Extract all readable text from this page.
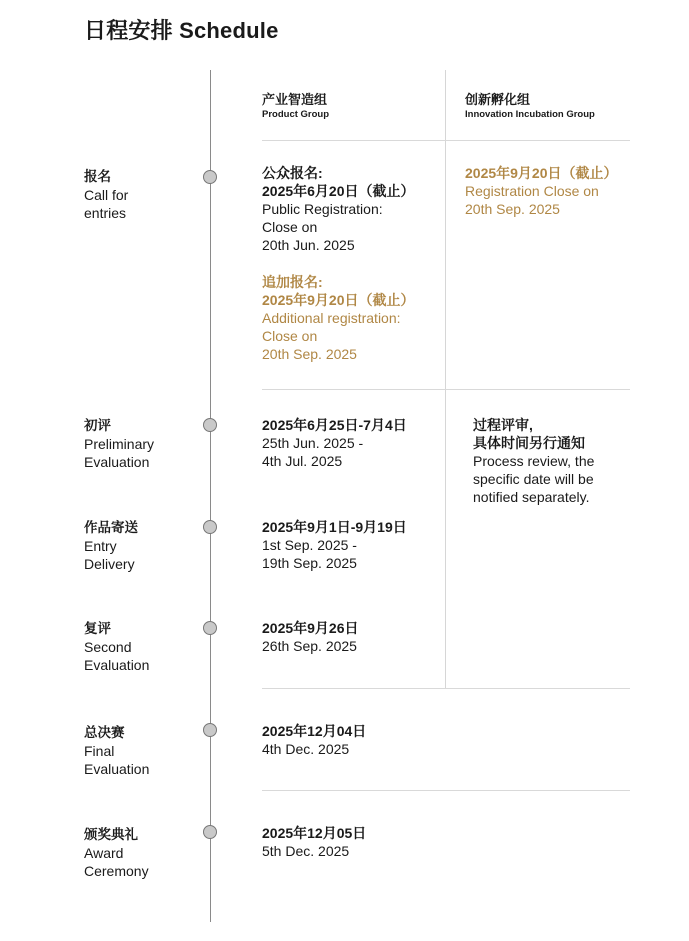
日程安排 Schedule
产业智造组
Product Group
创新孵化组
Innovation Incubation Group
报名
Call for
entries
初评
Preliminary
Evaluation
作品寄送
Entry
Delivery
复评
Second
Evaluation
总决赛
Final
Evaluation
颁奖典礼
Award
Ceremony
公众报名:
2025年6月20日（截止）
Public Registration:
Close on
20th Jun. 2025
追加报名:
2025年9月20日（截止）
Additional registration:
Close on
20th Sep. 2025
2025年9月20日（截止）
Registration Close on
20th Sep. 2025
2025年6月25日-7月4日
25th Jun. 2025 -
4th Jul. 2025
过程评审,
具体时间另行通知
Process review, the
specific date will be
notified separately.
2025年9月1日-9月19日
1st Sep. 2025 -
19th Sep. 2025
2025年9月26日
26th Sep. 2025
2025年12月04日
4th Dec. 2025
2025年12月05日
5th Dec. 2025
